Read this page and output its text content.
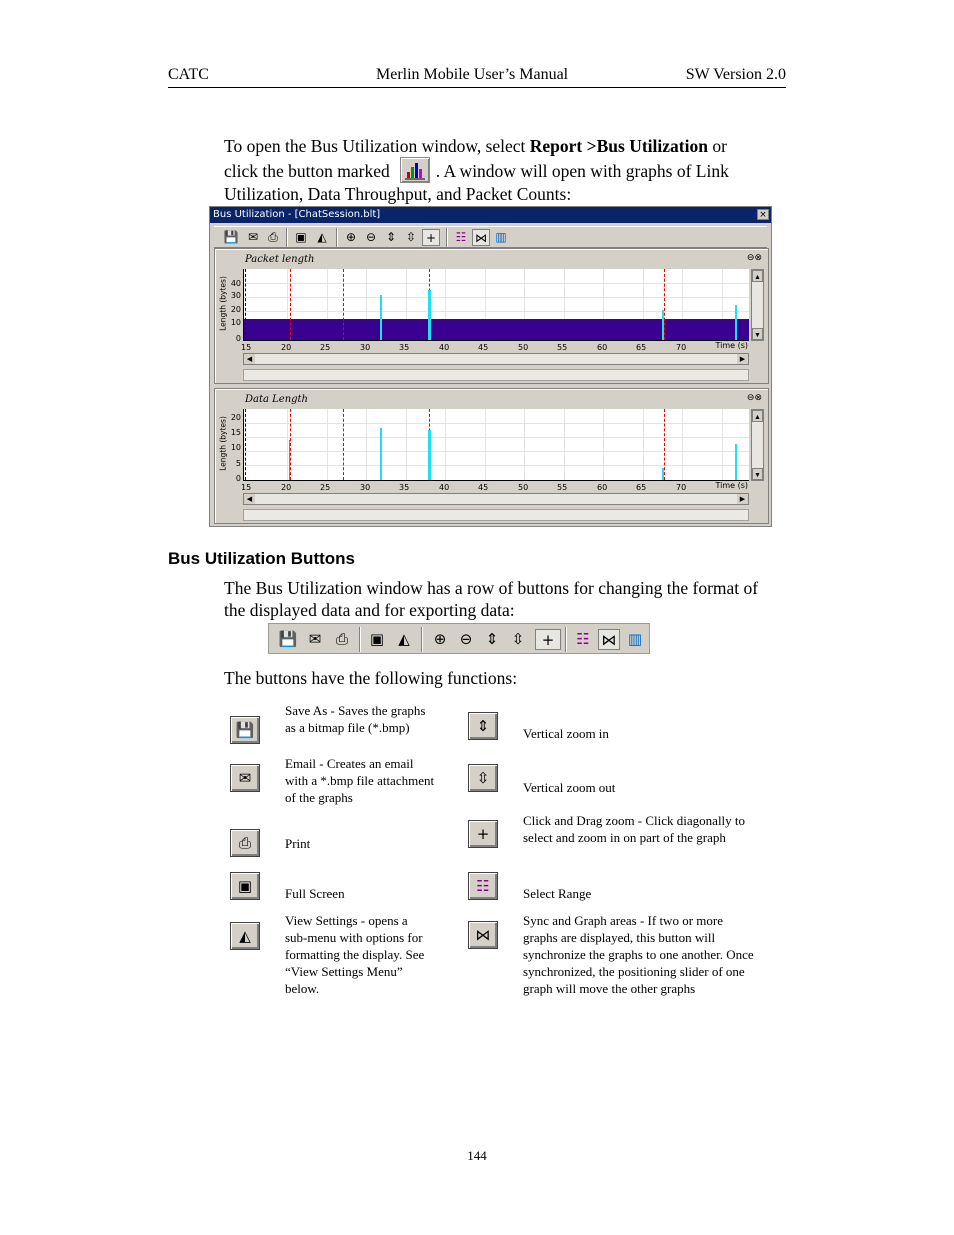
CATC	Merlin Mobile User’s Manual	SW Version 2.0
To open the Bus Utilization window, select Report >Bus Utilization or
click the button marked	. A window will open with graphs of Link
Utilization, Data Throughput, and Packet Counts:
Bus Utilization - [ChatSession.blt]	×
💾 ✉ ⎙	▣ ◭	⊕ ⊖ ⇕ ⇳ +	☷ ⋈ ▥
Packet length	⊖⊗
Length (bytes) 40
30
20
10
0
15	20	25	30	35	40	45	50	55	60	65	70	Time (s)
▲
▼
◀	▶
Data Length	⊖⊗
Length (bytes) 20
15
10
5
0
15	20	25	30	35	40	45	50	55	60	65	70	Time (s)
▲
▼
◀	▶
Bus Utilization Buttons
The Bus Utilization window has a row of buttons for changing the format of
the displayed data and for exporting data:
💾 ✉ ⎙	▣ ◭	⊕ ⊖ ⇕ ⇳	+	☷ ⋈ ▥
The buttons have the following functions:
💾
Save As - Saves the graphs
as a bitmap file (*.bmp)
✉
Email - Creates an email
with a *.bmp file attachment
of the graphs
⎙	Print
▣	Full Screen
◭
View Settings - opens a
sub-menu with options for
formatting the display. See
“View Settings Menu”
below.
⇕	Vertical zoom in
⇳
Vertical zoom out
+
Click and Drag zoom - Click diagonally to
select and zoom in on part of the graph
☷	Select Range
⋈
Sync and Graph areas - If two or more
graphs are displayed, this button will
synchronize the graphs to one another. Once
synchronized, the positioning slider of one
graph will move the other graphs
144
